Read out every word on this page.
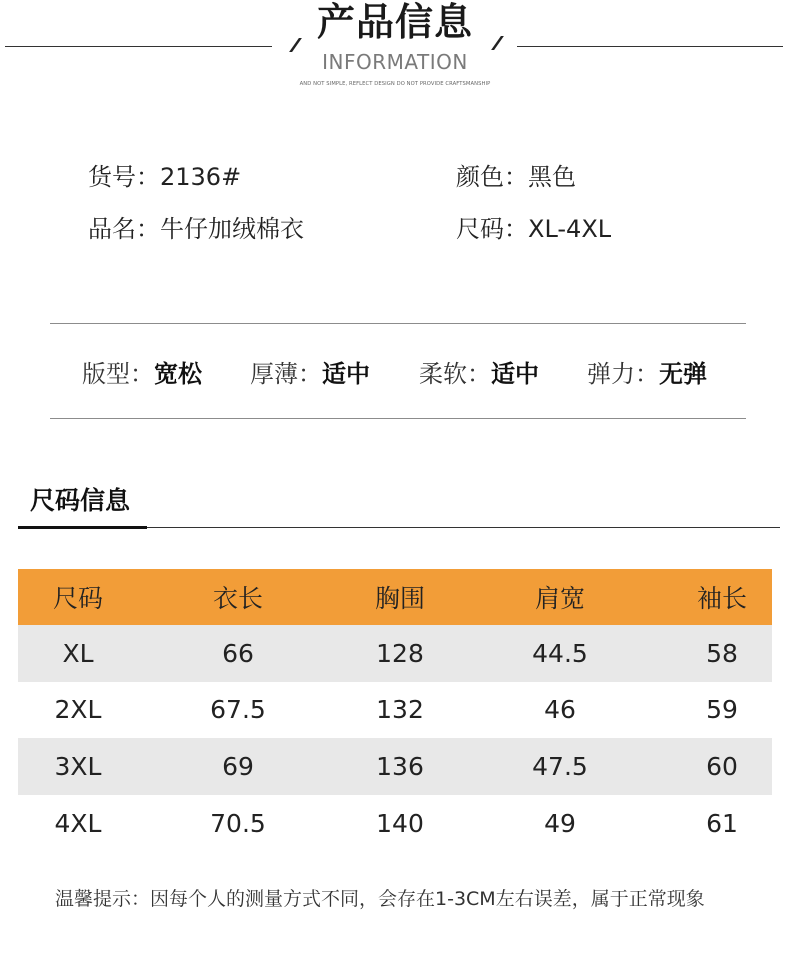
产品信息
INFORMATION
AND NOT SIMPLE, REFLECT DESIGN DO NOT PROVIDE CRAFTSMANSHIP
货号：2136#	颜色：黑色
品名：牛仔加绒棉衣	尺码：XL-4XL
版型：宽松 厚薄：适中 柔软：适中 弹力：无弹
尺码信息
尺码	衣长	胸围	肩宽	袖长
XL	66	128	44.5	58
2XL	67.5	132	46	59
3XL	69	136	47.5	60
4XL	70.5	140	49	61
温馨提示：因每个人的测量方式不同，会存在1-3CM左右误差，属于正常现象
